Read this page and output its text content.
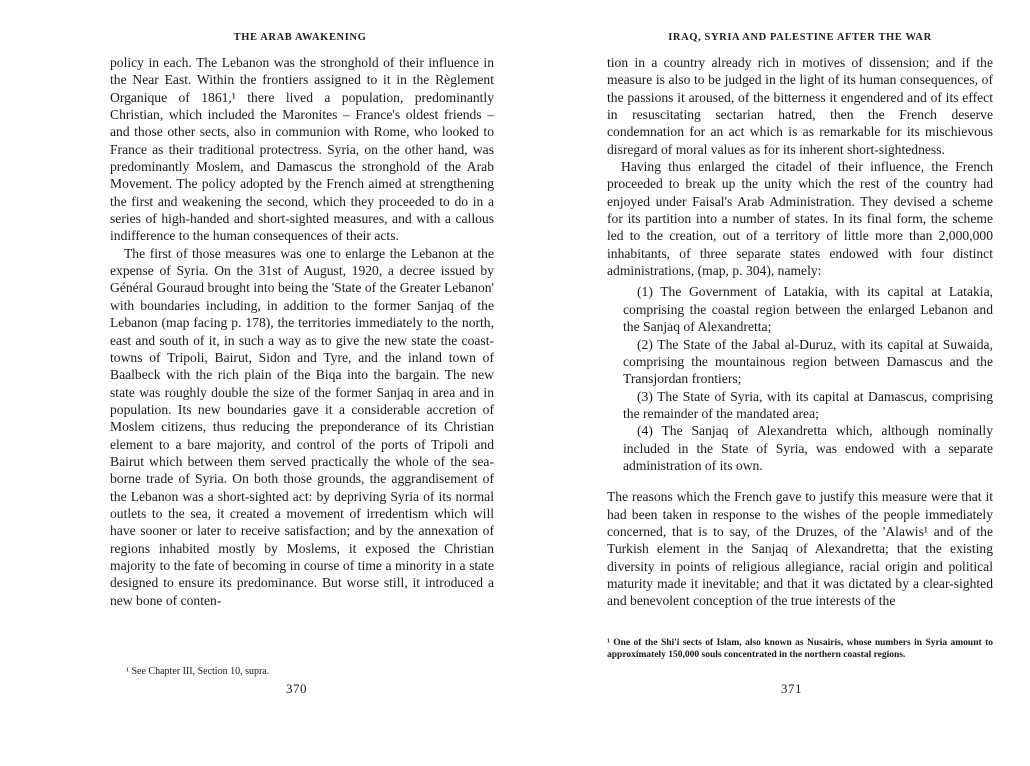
THE ARAB AWAKENING

policy in each. The Lebanon was the stronghold of their influence in the Near East. Within the frontiers assigned to it in the Règlement Organique of 1861,¹ there lived a population, predominantly Christian, which included the Maronites – France's oldest friends – and those other sects, also in communion with Rome, who looked to France as their traditional protectress. Syria, on the other hand, was predominantly Moslem, and Damascus the stronghold of the Arab Movement. The policy adopted by the French aimed at strengthening the first and weakening the second, which they proceeded to do in a series of high-handed and short-sighted measures, and with a callous indifference to the human consequences of their acts.

The first of those measures was one to enlarge the Lebanon at the expense of Syria. On the 31st of August, 1920, a decree issued by Général Gouraud brought into being the 'State of the Greater Lebanon' with boundaries including, in addition to the former Sanjaq of the Lebanon (map facing p. 178), the territories immediately to the north, east and south of it, in such a way as to give the new state the coast-towns of Tripoli, Bairut, Sidon and Tyre, and the inland town of Baalbeck with the rich plain of the Biqa into the bargain. The new state was roughly double the size of the former Sanjaq in area and in population. Its new boundaries gave it a considerable accretion of Moslem citizens, thus reducing the preponderance of its Christian element to a bare majority, and control of the ports of Tripoli and Bairut which between them served practically the whole of the sea-borne trade of Syria. On both those grounds, the aggrandisement of the Lebanon was a short-sighted act: by depriving Syria of its normal outlets to the sea, it created a movement of irredentism which will have sooner or later to receive satisfaction; and by the annexation of regions inhabited mostly by Moslems, it exposed the Christian majority to the fate of becoming in course of time a minority in a state designed to ensure its predominance. But worse still, it introduced a new bone of conten-

¹ See Chapter III, Section 10, supra.
370
IRAQ, SYRIA AND PALESTINE AFTER THE WAR

tion in a country already rich in motives of dissension; and if the measure is also to be judged in the light of its human consequences, of the passions it aroused, of the bitterness it engendered and of its effect in resuscitating sectarian hatred, then the French deserve condemnation for an act which is as remarkable for its mischievous disregard of moral values as for its inherent short-sightedness.

Having thus enlarged the citadel of their influence, the French proceeded to break up the unity which the rest of the country had enjoyed under Faisal's Arab Administration. They devised a scheme for its partition into a number of states. In its final form, the scheme led to the creation, out of a territory of little more than 2,000,000 inhabitants, of three separate states endowed with four distinct administrations, (map, p. 304), namely:

(1) The Government of Latakia, with its capital at Latakia, comprising the coastal region between the enlarged Lebanon and the Sanjaq of Alexandretta;

(2) The State of the Jabal al-Duruz, with its capital at Suwaida, comprising the mountainous region between Damascus and the Transjordan frontiers;

(3) The State of Syria, with its capital at Damascus, comprising the remainder of the mandated area;

(4) The Sanjaq of Alexandretta which, although nominally included in the State of Syria, was endowed with a separate administration of its own.

The reasons which the French gave to justify this measure were that it had been taken in response to the wishes of the people immediately concerned, that is to say, of the Druzes, of the 'Alawis¹ and of the Turkish element in the Sanjaq of Alexandretta; that the existing diversity in points of religious allegiance, racial origin and political maturity made it inevitable; and that it was dictated by a clear-sighted and benevolent conception of the true interests of the

¹ One of the Shi'i sects of Islam, also known as Nusairis, whose numbers in Syria amount to approximately 150,000 souls concentrated in the northern coastal regions.
371
